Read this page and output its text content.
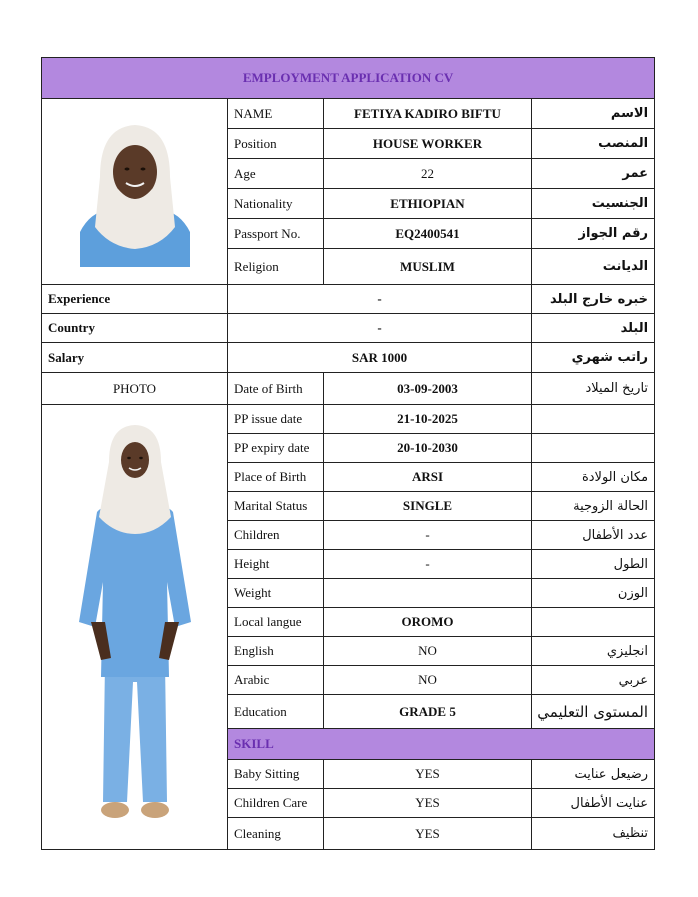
EMPLOYMENT APPLICATION CV			

	NAME	FETIYA KADIRO BIFTU	الاسم
	Position	HOUSE WORKER	المنصب
	Age	22	عمر
	Nationality	ETHIOPIAN	الجنسيت
	Passport No.	EQ2400541	رقم الجواز
	Religion	MUSLIM	الديانت
Experience	-		خبره خارج البلد
Country	-		البلد
Salary	SAR 1000		راتب شهري
PHOTO	Date of Birth	03-09-2003	تاريخ الميلاد

	PP issue date	21-10-2025	
	PP expiry date	20-10-2030	
	Place of Birth	ARSI	مكان الولادة
	Marital Status	SINGLE	الحالة الزوجية
	Children	-	عدد الأطفال
	Height	-	الطول
	Weight		الوزن
	Local langue	OROMO	
	English	NO	انجليزي
	Arabic	NO	عربي
	Education	GRADE 5	المستوى التعليمي
	SKILL		
	Baby Sitting	YES	رضيعل عنايت
	Children Care	YES	عنايت الأطفال
	Cleaning	YES	تنظيف
